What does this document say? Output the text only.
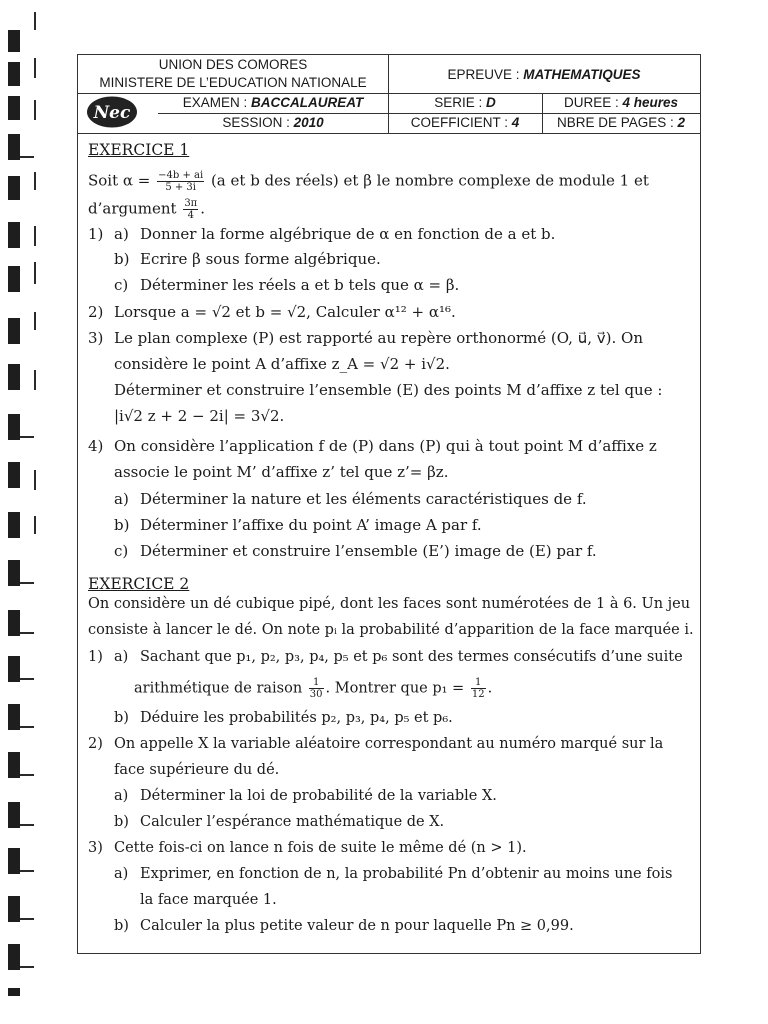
UNION DES COMORES
MINISTERE DE L’EDUCATION NATIONALE
Nec
EXAMEN : BACCALAUREAT
SESSION : 2010
EPREUVE : MATHEMATIQUES
SERIE : D	DUREE : 4 heures
COEFFICIENT : 4	NBRE DE PAGES : 2
EXERCICE 1
Soit $\alpha = \frac{-4b + ai}{5 + 3i} (a$ et b des réels) et β le nombre complexe de module 1 et
d’argument $\frac{3\pi}{4}$ .
1) a) Donner la forme algébrique de α en fonction de a et b.
b) Ecrire β sous forme algébrique.
c) Déterminer les réels a et b tels que α = β.
2) Lorsque a = √2 et b = √2, Calculer α¹² + α¹⁶.
3) Le plan complexe (P) est rapporté au repère orthonormé (O, u⃗, v⃗). On
considère le point A d’affixe z_A = √2 + i√2.
Déterminer et construire l’ensemble (E) des points M d’affixe z tel que :
|i√2 z + 2 − 2i| = 3√2.
4) On considère l’application f de (P) dans (P) qui à tout point M d’affixe z
associe le point M’ d’affixe z’ tel que z’= βz.
a) Déterminer la nature et les éléments caractéristiques de f.
b) Déterminer l’affixe du point A’ image A par f.
c) Déterminer et construire l’ensemble (E’) image de (E) par f.
EXERCICE 2
On considère un dé cubique pipé, dont les faces sont numérotées de 1 à 6. Un jeu
consiste à lancer le dé. On note pᵢ la probabilité d’apparition de la face marquée i.
1) a) Sachant que p₁, p₂, p₃, p₄, p₅ et p₆ sont des termes consécutifs d’une suite
arithmétique de raison $\frac{1}{30}$ . Montrer que $p_1 = \frac{1}{12}$ .
b) Déduire les probabilités p₂, p₃, p₄, p₅ et p₆.
2) On appelle X la variable aléatoire correspondant au numéro marqué sur la
face supérieure du dé.
a) Déterminer la loi de probabilité de la variable X.
b) Calculer l’espérance mathématique de X.
3) Cette fois-ci on lance n fois de suite le même dé (n > 1).
a) Exprimer, en fonction de n, la probabilité Pn d’obtenir au moins une fois
la face marquée 1.
b) Calculer la plus petite valeur de n pour laquelle Pn ≥ 0,99.
